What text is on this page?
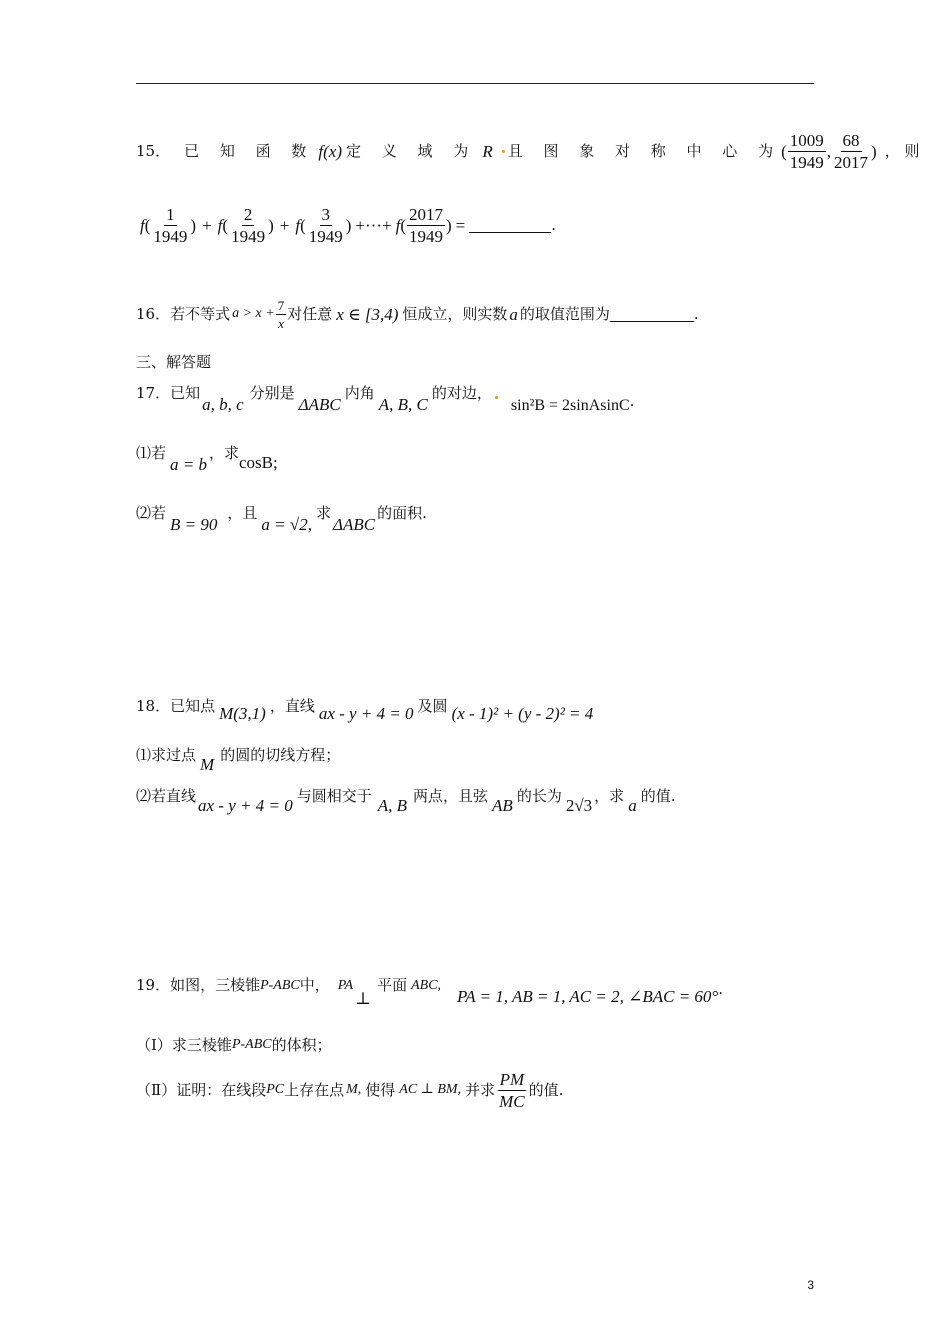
15． 已 知 函 数 f(x) 定 义 域 为 R 且 图 象 对 称 中 心 为 ( $\frac{1009}{1949}$ , $\frac{68}{2017}$ ) ， 则
f ( $\frac{1}{1949}$ ) + f ( $\frac{2}{1949}$ ) + f ( $\frac{3}{1949}$ ) +···+ f ( $\frac{2017}{1949}$ ) =	.
16．若不等式 $a > x + \frac{7}{x}$ 对任意 x ∈ [3,4) 恒成立，则实数 a 的取值范围为	.
三、解答题
17．已知
a, b, c
分别是
ΔABC
内角
A, B, C
的对边，
sin²B = 2sinAsinC .
⑴若
a = b
，求 cosB;
⑵若
B = 90
，且
a = √2,
求
ΔABC
的面积.
18．已知点 M(3,1) ，直线 ax - y + 4 = 0 及圆 (x - 1)² + (y - 2)² = 4
⑴求过点 M 的圆的切线方程；
⑵若直线 ax - y + 4 = 0 与圆相交于 A, B 两点，且弦 AB 的长为 2√3 ，求 a 的值.
19．如图，三棱锥 P-ABC 中， PA
⊥
平面 ABC,
PA = 1, AB = 1, AC = 2, ∠BAC = 60° .
（Ⅰ）求三棱锥 P-ABC 的体积；
（Ⅱ）证明：在线段 PC 上存在点 M, 使得 AC ⊥ BM, 并求 $\frac{PM}{MC}$ 的值.
3
